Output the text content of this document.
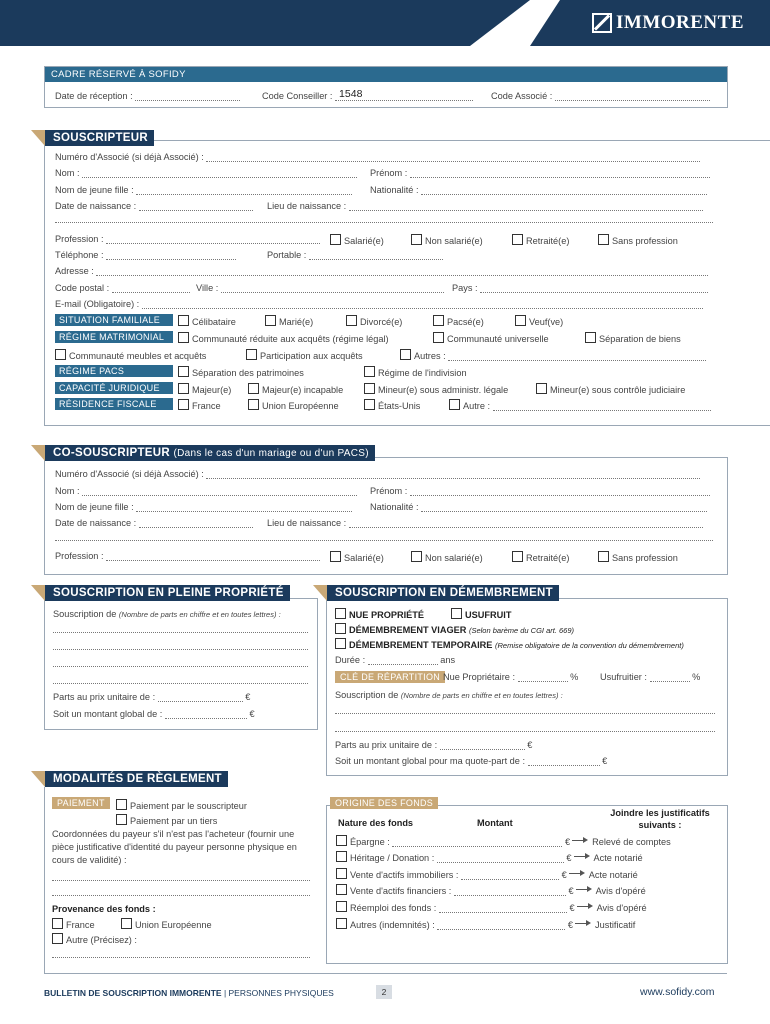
IMMORENTE
CADRE RÉSERVÉ À SOFIDY
Date de réception :	Code Conseiller : 1548	Code Associé :
SOUSCRIPTEUR
Numéro d'Associé (si déjà Associé) :
Nom :	Prénom :
Nom de jeune fille :	Nationalité :
Date de naissance :	Lieu de naissance :
Profession :	Salarié(e)	Non salarié(e)	Retraité(e)	Sans profession
Téléphone :	Portable :
Adresse :
Code postal :	Ville :	Pays :
E-mail (Obligatoire) :
SITUATION FAMILIALE	Célibataire	Marié(e)	Divorcé(e)	Pacsé(e)	Veuf(ve)
RÉGIME MATRIMONIAL	Communauté réduite aux acquêts (régime légal)	Communauté universelle	Séparation de biens
Communauté meubles et acquêts	Participation aux acquêts	Autres :
RÉGIME PACS	Séparation des patrimoines	Régime de l'indivision
CAPACITÉ JURIDIQUE	Majeur(e)	Majeur(e) incapable	Mineur(e) sous administr. légale	Mineur(e) sous contrôle judiciaire
RÉSIDENCE FISCALE	France	Union Européenne	États-Unis	Autre :
CO-SOUSCRIPTEUR (Dans le cas d'un mariage ou d'un PACS)
Numéro d'Associé (si déjà Associé) :
Nom :	Prénom :
Nom de jeune fille :	Nationalité :
Date de naissance :	Lieu de naissance :
Profession :	Salarié(e)	Non salarié(e)	Retraité(e)	Sans profession
SOUSCRIPTION EN PLEINE PROPRIÉTÉ
Souscription de (Nombre de parts en chiffre et en toutes lettres) :
Parts au prix unitaire de :	€
Soit un montant global de :	€
SOUSCRIPTION EN DÉMEMBREMENT
NUE PROPRIÉTÉ	USUFRUIT
DÉMEMBREMENT VIAGER (Selon barème du CGI art. 669)
DÉMEMBREMENT TEMPORAIRE (Remise obligatoire de la convention du démembrement)
Durée :	ans
CLÉ DE RÉPARTITION Nue Propriétaire :	% Usufruitier :	%
Souscription de (Nombre de parts en chiffre et en toutes lettres) :
Parts au prix unitaire de :	€
Soit un montant global pour ma quote-part de :	€
MODALITÉS DE RÈGLEMENT
PAIEMENT	Paiement par le souscripteur
Paiement par un tiers
Coordonnées du payeur s'il n'est pas l'acheteur (fournir une pièce justificative d'identité du payeur personne physique en cours de validité) :
Provenance des fonds :
France	Union Européenne
Autre (Précisez) :
ORIGINE DES FONDS
Nature des fonds	Montant
Joindre les justificatifs suivants :
Épargne :	€ Relevé de comptes
Héritage / Donation :	€ Acte notarié
Vente d'actifs immobiliers :	€ Acte notarié
Vente d'actifs financiers :	€ Avis d'opéré
Réemploi des fonds :	€ Avis d'opéré
Autres (indemnités) :	€ Justificatif
BULLETIN DE SOUSCRIPTION IMMORENTE | PERSONNES PHYSIQUES	2	www.sofidy.com
